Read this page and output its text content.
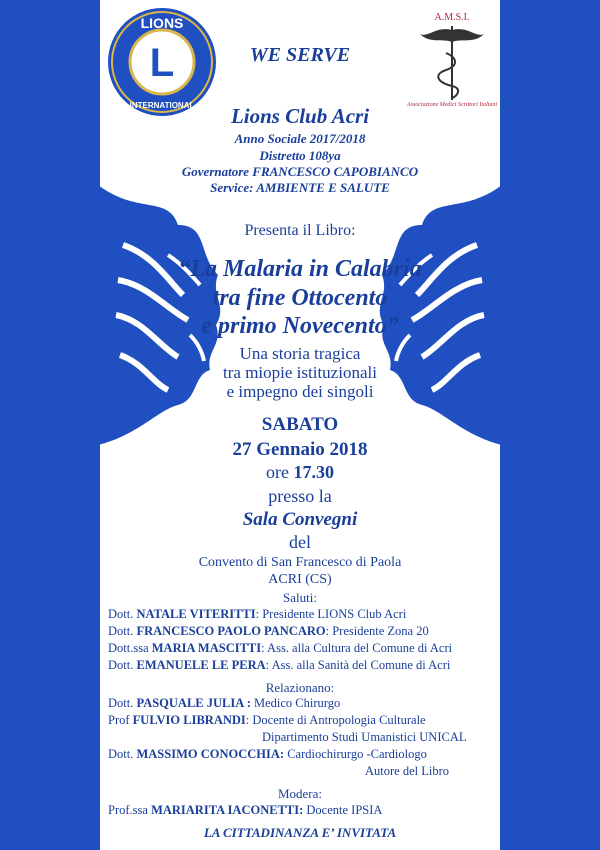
L
LIONS
INTERNATIONAL
A.M.S.I.
Associazione Medici Scrittori Italiani
WE SERVE
Lions Club Acri
Anno Sociale 2017/2018
Distretto 108ya
Governatore FRANCESCO CAPOBIANCO
Service: AMBIENTE E SALUTE
Presenta il Libro:
“La Malaria in Calabria
tra fine Ottocento
e primo Novecento”
Una storia tragica
tra miopie istituzionali
e impegno dei singoli
SABATO
27 Gennaio 2018
ore 17.30
presso la
Sala Convegni
del
Convento di San Francesco di Paola
ACRI (CS)
Saluti:
Dott. NATALE VITERITTI: Presidente LIONS Club Acri
Dott. FRANCESCO PAOLO PANCARO: Presidente Zona 20
Dott.ssa MARIA MASCITTI: Ass. alla Cultura del Comune di Acri
Dott. EMANUELE LE PERA: Ass. alla Sanità del Comune di Acri
Relazionano:
Dott. PASQUALE JULIA : Medico Chirurgo
Prof FULVIO LIBRANDI: Docente di Antropologia Culturale
Dipartimento Studi Umanistici UNICAL
Dott. MASSIMO CONOCCHIA: Cardiochirurgo -Cardiologo
Autore del Libro
Modera:
Prof.ssa MARIARITA IACONETTI: Docente IPSIA
LA CITTADINANZA E’ INVITATA
